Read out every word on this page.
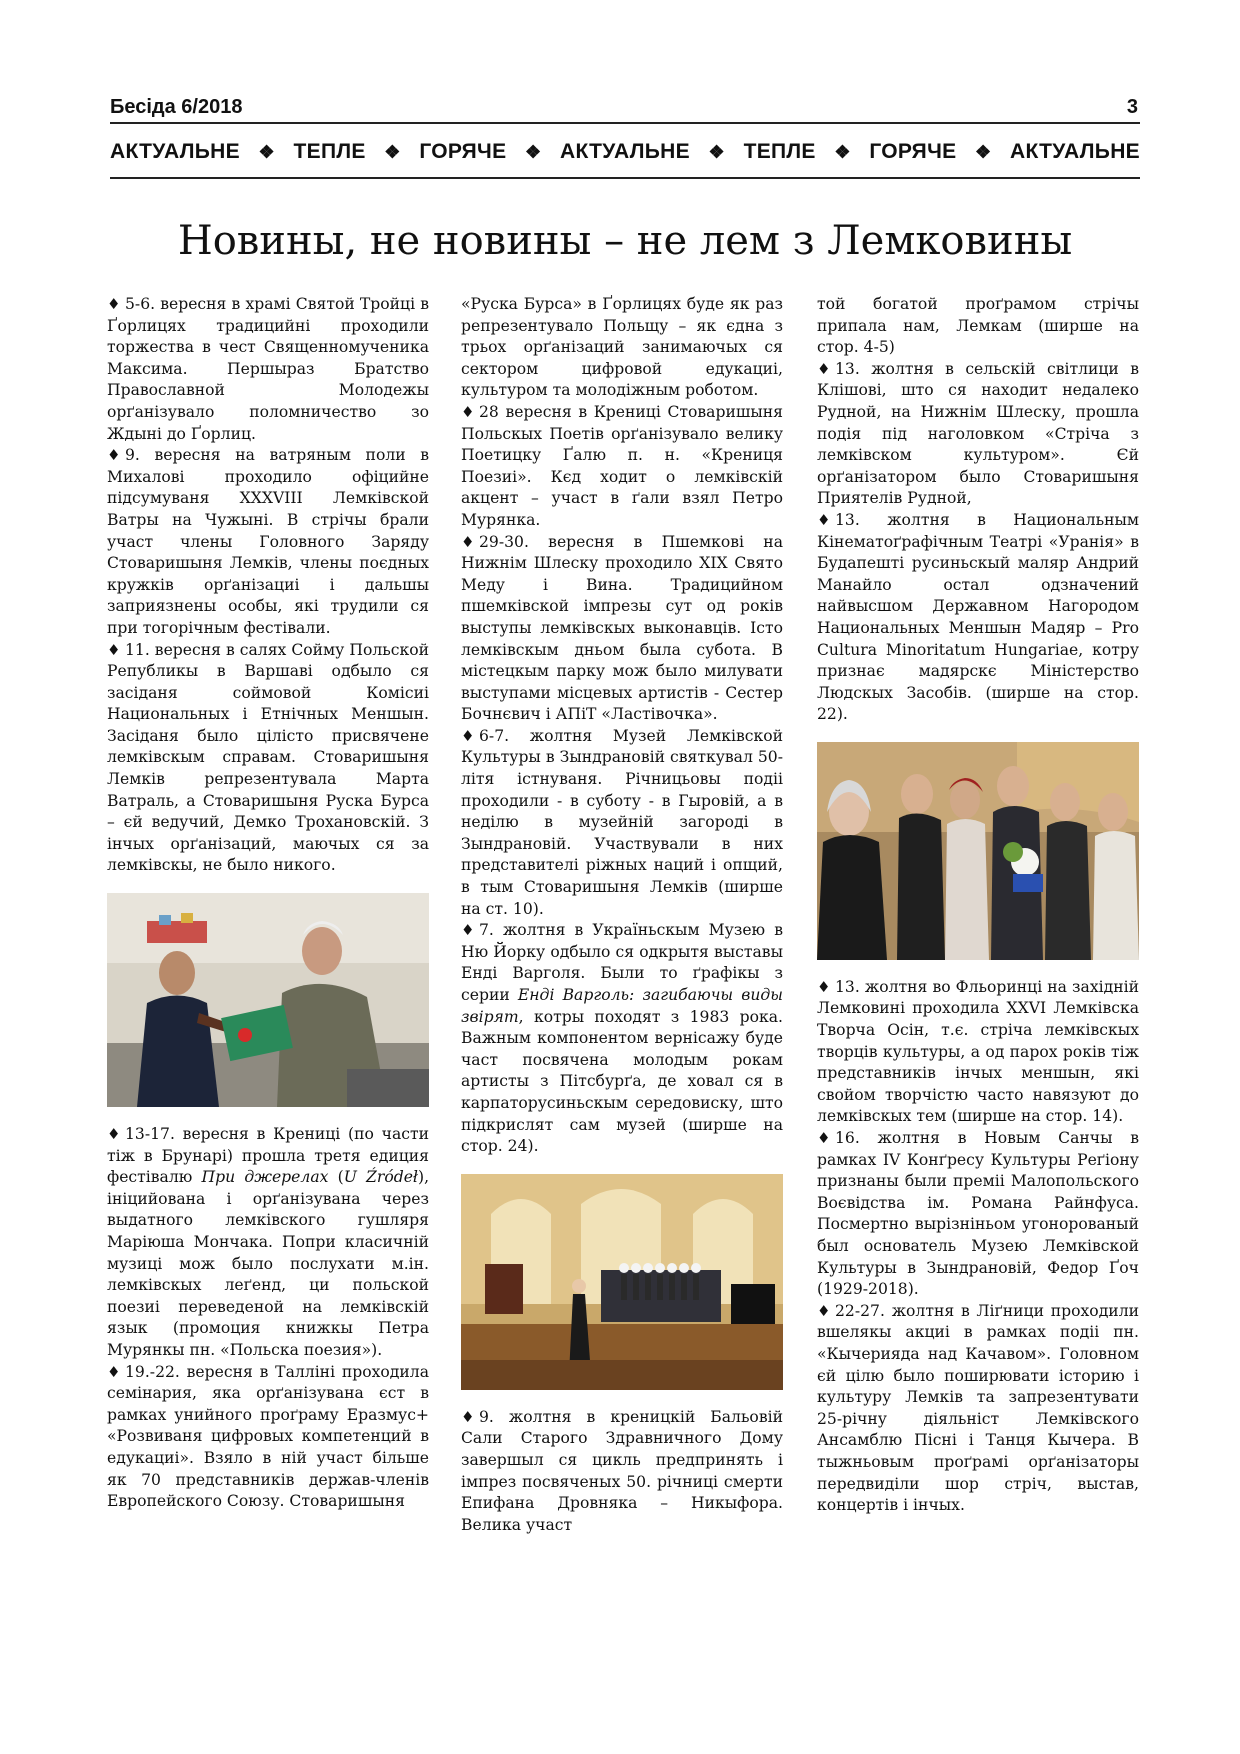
Бесіда 6/2018	3
АКТУАЛЬНЕ ❖ ТЕПЛЕ ❖ ГОРЯЧЕ ❖ АКТУАЛЬНЕ ❖ ТЕПЛЕ ❖ ГОРЯЧЕ ❖ АКТУАЛЬНЕ
Новины, не новины – не лем з Лемковины

♦ 5-6. вересня в храмі Святой Тройці в Ґорлицях традицийні проходили торжества в чест Священномученика Максима. Першыраз Братство Православной Молодежы орґанізувало поломничество зо Ждыні до Ґорлиц.

♦ 9. вересня на ватряным поли в Михалові проходило офіцийне підсумуваня XXXVIII Лемківской Ватры на Чужыні. В стрічы брали участ члены Головного Заряду Стоваришыня Лемків, члены поєдных кружків орґанізациі і дальшы заприязнены особы, які трудили ся при тогорічным фестівали.

♦ 11. вересня в салях Сойму Польской Републикы в Варшаві одбыло ся засіданя соймовой Комісиі Национальных і Етнічных Меншын. Засіданя было цілісто присвячене лемківскым справам. Стоваришыня Лемків репрезентувала Марта Ватраль, а Стоваришыня Руска Бурса – єй ведучий, Демко Трохановскій. З інчых орґанізаций, маючых ся за лемківскы, не было никого.

♦ 13-17. вересня в Крениці (по части тіж в Брунарі) прошла третя едиция фестівалю При джерелах (U Źródeł), ініцийована і орґанізувана через выдатного лемківского гушляря Марiюша Мончака. Попри класичній музиці мож было послухати м.ін. лемківскых леґенд, ци польской поезиі переведеной на лемківскій язык (промоция книжкы Петра Мурянкы пн. «Польска поезия»).

♦ 19.-22. вересня в Таллінi проходила семінария, яка орґанізувана єст в рамках унийного проґраму Еразмус+ «Розвиваня цифровых компетенций в едукациі». Взяло в ній участ більше як 70 представників держав-членів Европейского Союзу. Стоваришыня

«Руска Бурса» в Ґорлицях буде як раз репрезентувало Польщу – як єдна з трьох орґанізаций занимаючых ся сектором цифровой едукациі, культуром та молодіжным роботом.

♦ 28 вересня в Крениці Стоваришыня Польскых Поетів орґанізувало велику Поетицку Ґалю п. н. «Крениця Поезиі». Кєд ходит о лемківскій акцент – участ в ґали взял Петро Мурянка.

♦ 29-30. вересня в Пшемкові на Нижнім Шлеску проходило XIX Свято Меду і Вина. Традицийном пшемківской імпрезы сут од років выступы лемківскых выконавців. Істо лемківскым дньом была субота. В містецкым парку мож было милувати выступами місцевых артистів - Сестер Бочнєвич і АПіТ «Ластівочка».

♦ 6-7. жолтня Музей Лемківской Культуры в Зындрановій святкувал 50-літя істнуваня. Річницьовы подіі проходили - в суботу - в Гыровій, а в неділю в музейній загороді в Зындрановій. Участвували в них представителі ріжных наций і опщий, в тым Стоваришыня Лемків (ширше на ст. 10).

♦ 7. жолтня в Україньскым Музею в Ню Йорку одбыло ся одкрытя выставы Енді Варголя. Были то ґрафікы з серии Енді Варголь: загибаючы виды звірят, котры походят з 1983 рока. Важным компонентом вернісажу буде част посвячена молодым рокам артисты з Пітсбурґа, де ховал ся в карпаторусиньскым середовиску, што підкрислят сам музей (ширше на стор. 24).

♦ 9. жолтня в креницкій Бальовій Сали Старого Здравничного Дому завершыл ся цикль предпринять і імпрез посвяченых 50. річниці смерти Епифана Дровняка – Никыфора. Велика участ

той богатой проґрамом стрічы припала нам, Лемкам (ширше на стор. 4-5)

♦ 13. жолтня в сельскій світлици в Клішові, што ся находит недалеко Рудной, на Нижнім Шлеску, прошла подія під наголовком «Стріча з лемківском культуром». Єй орґанізатором было Стоваришыня Приятелів Рудной,

♦ 13. жолтня в Национальным Кінематоґрафічным Театрі «Уранія» в Будапешті русиньскый маляр Андрий Манайло остал одзначений найвысшом Державном Нагородом Национальных Меншын Мадяр – Pro Cultura Minoritatum Hungariae, котру признає мадярскє Міністерство Людскых Засобів. (ширше на стор. 22).

♦ 13. жолтня во Фльоринці на західній Лемковині проходила XXVI Лемківска Творча Осін, т.є. стріча лемківскых творців культуры, а од парох років тіж представників інчых меншын, які свойом творчістю часто навязуют до лемківскых тем (ширше на стор. 14).

♦ 16. жолтня в Новым Санчы в рамках IV Конґресу Культуры Реґіону признаны были преміі Малопольского Воєвідства ім. Романа Райнфуса. Посмертно вырізніньом угонорованый был основатель Музею Лемківской Культуры в Зындрановій, Федор Ґоч (1929-2018).

♦ 22-27. жолтня в Ліґници проходили вшелякы акциі в рамках подіі пн. «Кычерияда над Качавом». Головном єй цілю было поширювати історию і культуру Лемків та запрезентувати 25-річну діяльніст Лемківского Ансамблю Пісні і Танця Кычера. В тыжньовым проґрамі орґанізаторы передвиділи шор стріч, выстав, концертів і інчых.
